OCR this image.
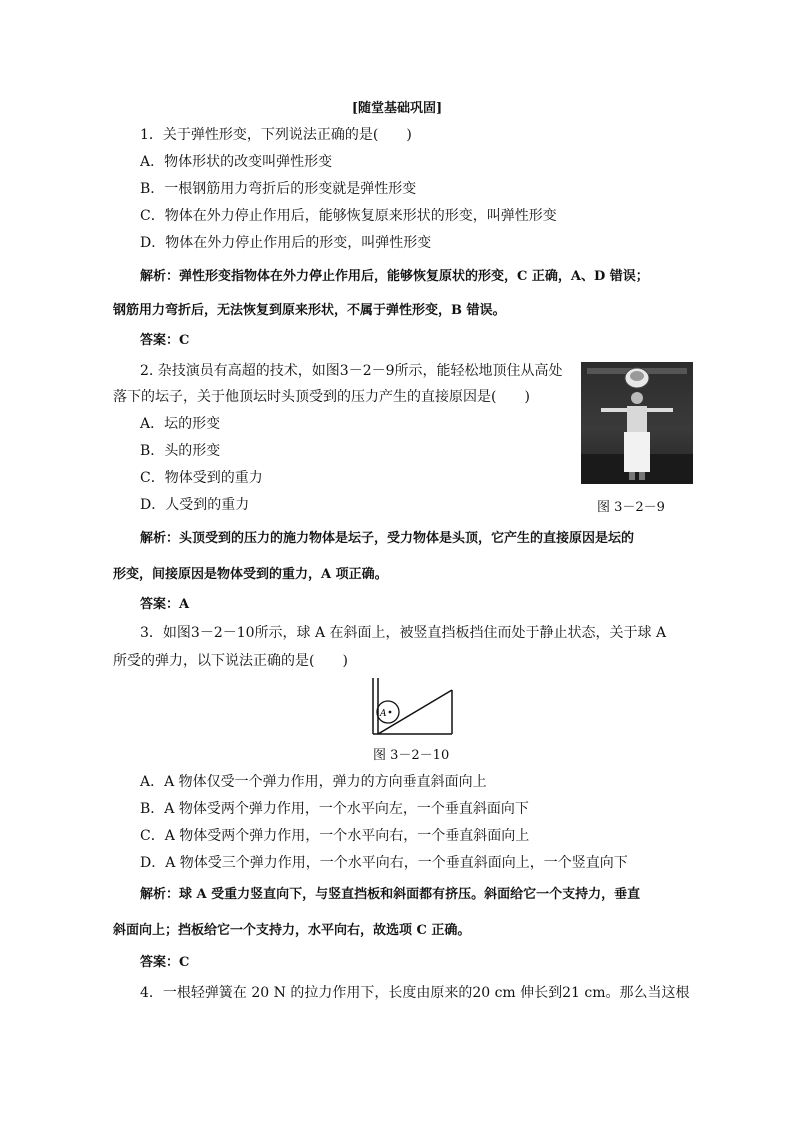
[随堂基础巩固]
1．关于弹性形变，下列说法正确的是(　　)
A．物体形状的改变叫弹性形变
B．一根钢筋用力弯折后的形变就是弹性形变
C．物体在外力停止作用后，能够恢复原来形状的形变，叫弹性形变
D．物体在外力停止作用后的形变，叫弹性形变
解析：弹性形变指物体在外力停止作用后，能够恢复原状的形变，C 正确，A、D 错误；
钢筋用力弯折后，无法恢复到原来形状，不属于弹性形变，B 错误。
答案：C
2. 杂技演员有高超的技术，如图3－2－9所示，能轻松地顶住从高处
落下的坛子，关于他顶坛时头顶受到的压力产生的直接原因是(　　)
A．坛的形变
B．头的形变
C．物体受到的重力
D．人受到的重力	图 3－2－9
解析：头顶受到的压力的施力物体是坛子，受力物体是头顶，它产生的直接原因是坛的
形变，间接原因是物体受到的重力，A 项正确。
答案：A
3．如图3－2－10所示，球 A 在斜面上，被竖直挡板挡住而处于静止状态，关于球 A
所受的弹力，以下说法正确的是(　　)
A
图 3－2－10
A．A 物体仅受一个弹力作用，弹力的方向垂直斜面向上
B．A 物体受两个弹力作用，一个水平向左，一个垂直斜面向下
C．A 物体受两个弹力作用，一个水平向右，一个垂直斜面向上
D．A 物体受三个弹力作用，一个水平向右，一个垂直斜面向上，一个竖直向下
解析：球 A 受重力竖直向下，与竖直挡板和斜面都有挤压。斜面给它一个支持力，垂直
斜面向上；挡板给它一个支持力，水平向右，故选项 C 正确。
答案：C
4．一根轻弹簧在 20 N 的拉力作用下，长度由原来的20 cm 伸长到21 cm。那么当这根
